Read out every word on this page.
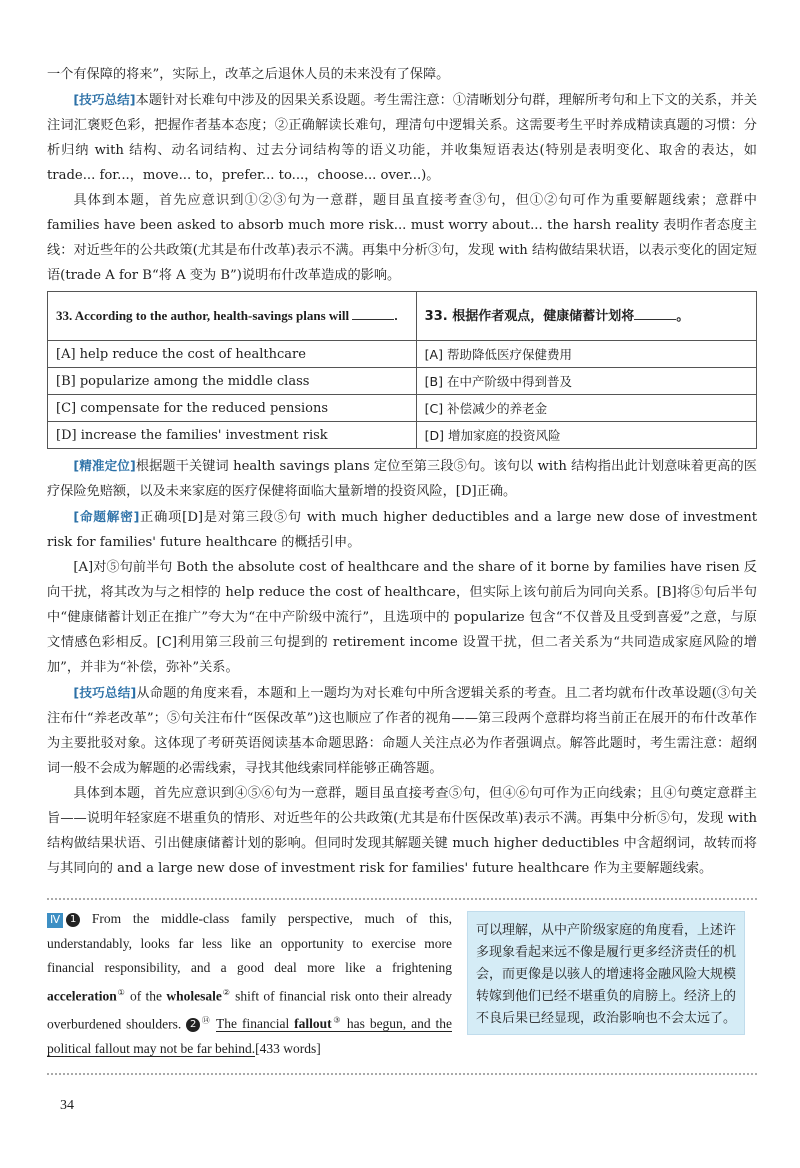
一个有保障的将来”，实际上，改革之后退休人员的未来没有了保障。

[技巧总结]本题针对长难句中涉及的因果关系设题。考生需注意：①清晰划分句群，理解所考句和上下文的关系，并关注词汇褒贬色彩，把握作者基本态度；②正确解读长难句，理清句中逻辑关系。这需要考生平时养成精读真题的习惯：分析归纳 with 结构、动名词结构、过去分词结构等的语义功能，并收集短语表达(特别是表明变化、取舍的表达，如 trade... for...，move... to，prefer... to...，choose... over...)。

具体到本题，首先应意识到①②③句为一意群，题目虽直接考查③句，但①②句可作为重要解题线索；意群中 families have been asked to absorb much more risk... must worry about... the harsh reality 表明作者态度主线：对近些年的公共政策(尤其是布什改革)表示不满。再集中分析③句，发现 with 结构做结果状语，以表示变化的固定短语(trade A for B“将 A 变为 B”)说明布什改革造成的影响。

33. According to the author, health-savings plans will .	33. 根据作者观点，健康储蓄计划将 。
[A] help reduce the cost of healthcare	[A] 帮助降低医疗保健费用
[B] popularize among the middle class	[B] 在中产阶级中得到普及
[C] compensate for the reduced pensions	[C] 补偿减少的养老金
[D] increase the families' investment risk	[D] 增加家庭的投资风险

[精准定位]根据题干关键词 health savings plans 定位至第三段⑤句。该句以 with 结构指出此计划意味着更高的医疗保险免赔额，以及未来家庭的医疗保健将面临大量新增的投资风险，[D]正确。

[命题解密]正确项[D]是对第三段⑤句 with much higher deductibles and a large new dose of investment risk for families' future healthcare 的概括引申。

[A]对⑤句前半句 Both the absolute cost of healthcare and the share of it borne by families have risen 反向干扰，将其改为与之相悖的 help reduce the cost of healthcare，但实际上该句前后为同向关系。[B]将⑤句后半句中“健康储蓄计划正在推广”夸大为“在中产阶级中流行”，且选项中的 popularize 包含“不仅普及且受到喜爱”之意，与原文情感色彩相反。[C]利用第三段前三句提到的 retirement income 设置干扰，但二者关系为“共同造成家庭风险的增加”，并非为“补偿，弥补”关系。

[技巧总结]从命题的角度来看，本题和上一题均为对长难句中所含逻辑关系的考查。且二者均就布什改革设题(③句关注布什“养老改革”；⑤句关注布什“医保改革”)这也顺应了作者的视角——第三段两个意群均将当前正在展开的布什改革作为主要批驳对象。这体现了考研英语阅读基本命题思路：命题人关注点必为作者强调点。解答此题时，考生需注意：超纲词一般不会成为解题的必需线索，寻找其他线索同样能够正确答题。

具体到本题，首先应意识到④⑤⑥句为一意群，题目虽直接考查⑤句，但④⑥句可作为正向线索；且④句奠定意群主旨——说明年轻家庭不堪重负的情形、对近些年的公共政策(尤其是布什医保改革)表示不满。再集中分析⑤句，发现 with 结构做结果状语、引出健康储蓄计划的影响。但同时发现其解题关键 much higher deductibles 中含超纲词，故转而将与其同向的 and a large new dose of investment risk for families' future healthcare 作为主要解题线索。

Ⅳ 1 From the middle-class family perspective, much of this, understandably, looks far less like an opportunity to exercise more financial responsibility, and a good deal more like a frightening acceleration① of the wholesale② shift of financial risk onto their already overburdened shoulders. 2 ⑭ The financial fallout③ has begun, and the political fallout may not be far behind.[433 words]
可以理解，从中产阶级家庭的角度看，上述许多现象看起来远不像是履行更多经济责任的机会，而更像是以骇人的增速将金融风险大规模转嫁到他们已经不堪重负的肩膀上。经济上的不良后果已经显现，政治影响也不会太远了。
34
